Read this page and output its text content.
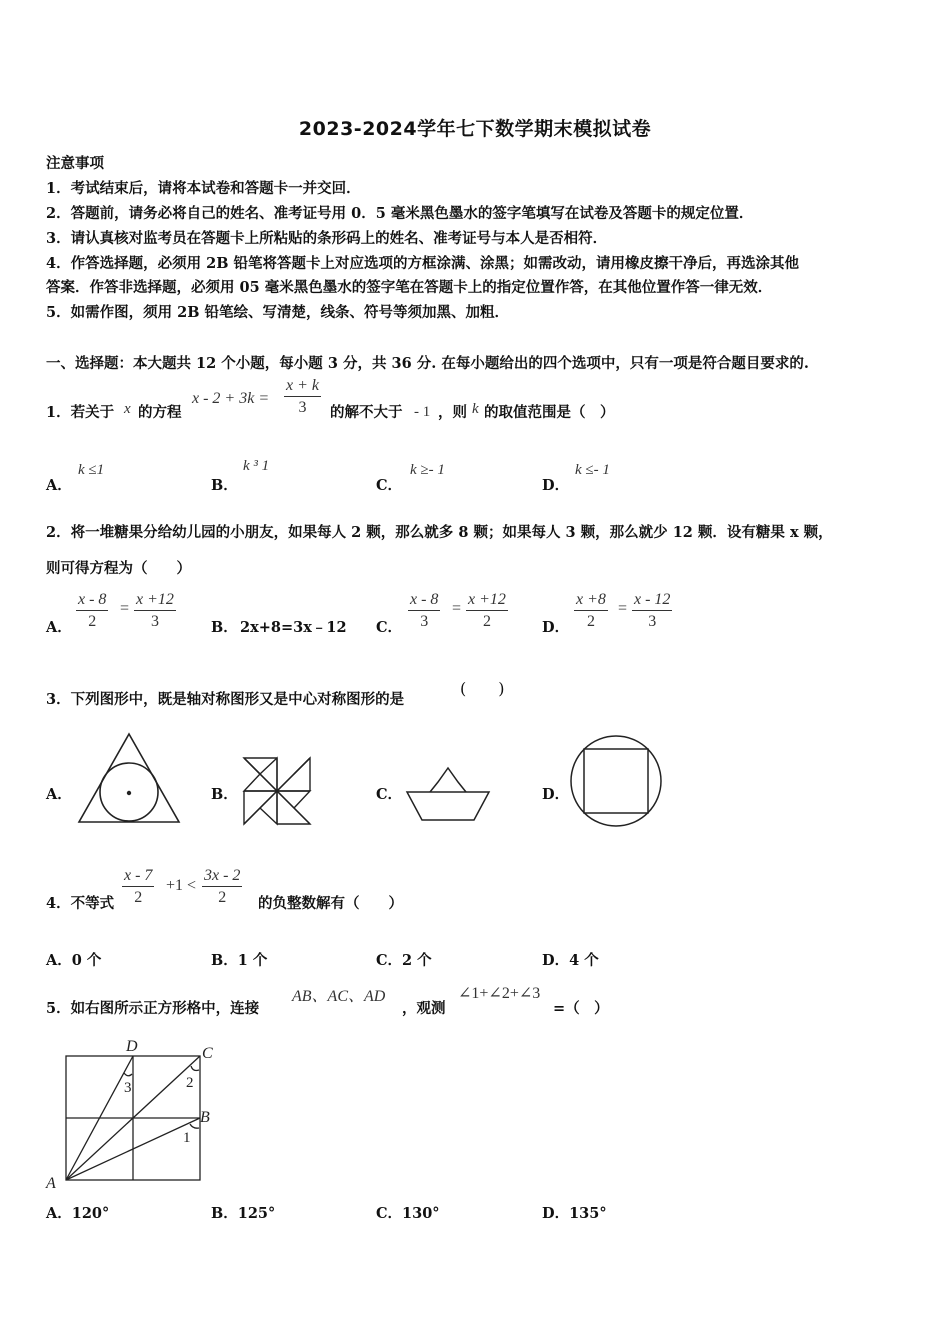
2023-2024学年七下数学期末模拟试卷
注意事项
1．考试结束后，请将本试卷和答题卡一并交回．
2．答题前，请务必将自己的姓名、准考证号用 0．5 毫米黑色墨水的签字笔填写在试卷及答题卡的规定位置．
3．请认真核对监考员在答题卡上所粘贴的条形码上的姓名、准考证号与本人是否相符．
4．作答选择题，必须用 2B 铅笔将答题卡上对应选项的方框涂满、涂黑；如需改动，请用橡皮擦干净后，再选涂其他
答案．作答非选择题，必须用 05 毫米黑色墨水的签字笔在答题卡上的指定位置作答，在其他位置作答一律无效．
5．如需作图，须用 2B 铅笔绘、写清楚，线条、符号等须加黑、加粗．
一、选择题：本大题共 12 个小题，每小题 3 分，共 36 分. 在每小题给出的四个选项中，只有一项是符合题目要求的.
1．若关于 x 的方程
$x - 2 + 3k = \frac{x + k}{3}$ 的解不大于 - 1 ，则 k 的取值范围是（　）
A．
k ≤1
B．
k ³ 1
C．
k ≥- 1
D．
k ≤- 1
2．将一堆糖果分给幼儿园的小朋友，如果每人 2 颗，那么就多 8 颗；如果每人 3 颗，那么就少 12 颗．设有糖果 x 颗，
则可得方程为（　　）
A． $\frac{x - 8}{2} = \frac{x +12}{3}$ B． 2x+8=3x﹣12 C． $\frac{x - 8}{3} = \frac{x +12}{2}$ D． $\frac{x +8}{2} = \frac{x - 12}{3}$
3．下列图形中，既是轴对称图形又是中心对称图形的是
(　　)
A．	B．	C．	D．
4．不等式 $\frac{x - 7}{2} +1 < \frac{3x - 2}{2}$ 的负整数解有（　　）
A．0 个	B．1 个	C．2 个	D．4 个
5．如右图所示正方形格中，连接
AB、AC、AD
，观测
∠1+∠2+∠3
=（　）
3	2
1
D	C
B
A
A．120°	B．125°	C．130°	D．135°
